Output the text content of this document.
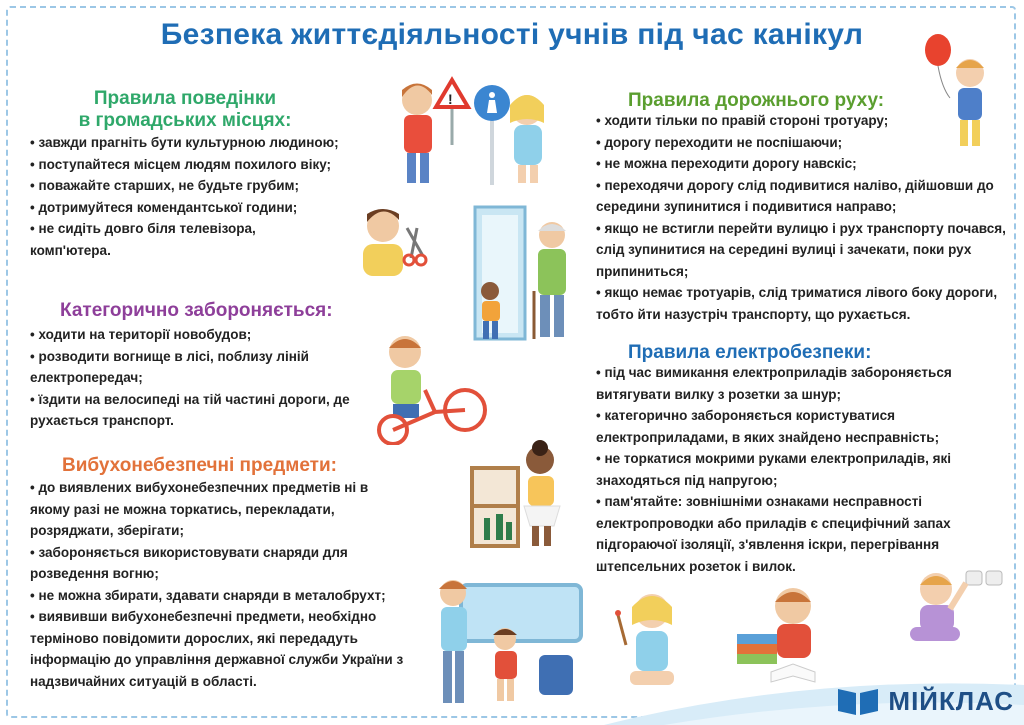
Безпека життєдіяльності учнів під час канікул
Правила поведінки
в громадських місцях:
• завжди прагніть бути культурною людиною;
• поступайтеся місцем людям похилого віку;
• поважайте старших, не будьте грубим;
• дотримуйтеся комендантської години;
• не сидіть довго біля телевізора, комп'ютера.
Категорично забороняється:
• ходити на території новобудов;
• розводити вогнище в лісі, поблизу ліній електропередач;
• їздити на велосипеді на тій частині дороги, де рухається транспорт.
Вибухонебезпечні предмети:
• до виявлених вибухонебезпечних предметів ні в якому разі не можна торкатись, перекладати, розряджати, зберігати;
• забороняється використовувати снаряди для розведення вогню;
• не можна збирати, здавати снаряди в металобрухт;
• виявивши вибухонебезпечні предмети, необхідно терміново повідомити дорослих, які передадуть інформацію до управління державної служби України з надзвичайних ситуацій в області.
Правила дорожнього руху:
• ходити тільки по правій стороні тротуару;
• дорогу переходити не поспішаючи;
• не можна переходити дорогу навскіс;
• переходячи дорогу слід подивитися наліво, дійшовши до середини зупинитися і подивитися направо;
• якщо не встигли перейти вулицю і рух транспорту почався, слід зупинитися на середині вулиці і зачекати, поки рух припиниться;
• якщо немає тротуарів, слід триматися лівого боку дороги, тобто йти назустріч транспорту, що рухається.
Правила електробезпеки:
• під час вимикання електроприладів забороняється витягувати вилку з розетки за шнур;
• категорично забороняється користуватися електроприладами, в яких знайдено несправність;
• не торкатися мокрими руками електроприладів, які знаходяться під напругою;
• пам'ятайте: зовнішніми ознаками несправності електропроводки або приладів є специфічний запах підгораючої ізоляції, з'явлення іскри, перегрівання штепсельних розеток і вилок.
!
МІЙКЛАС
